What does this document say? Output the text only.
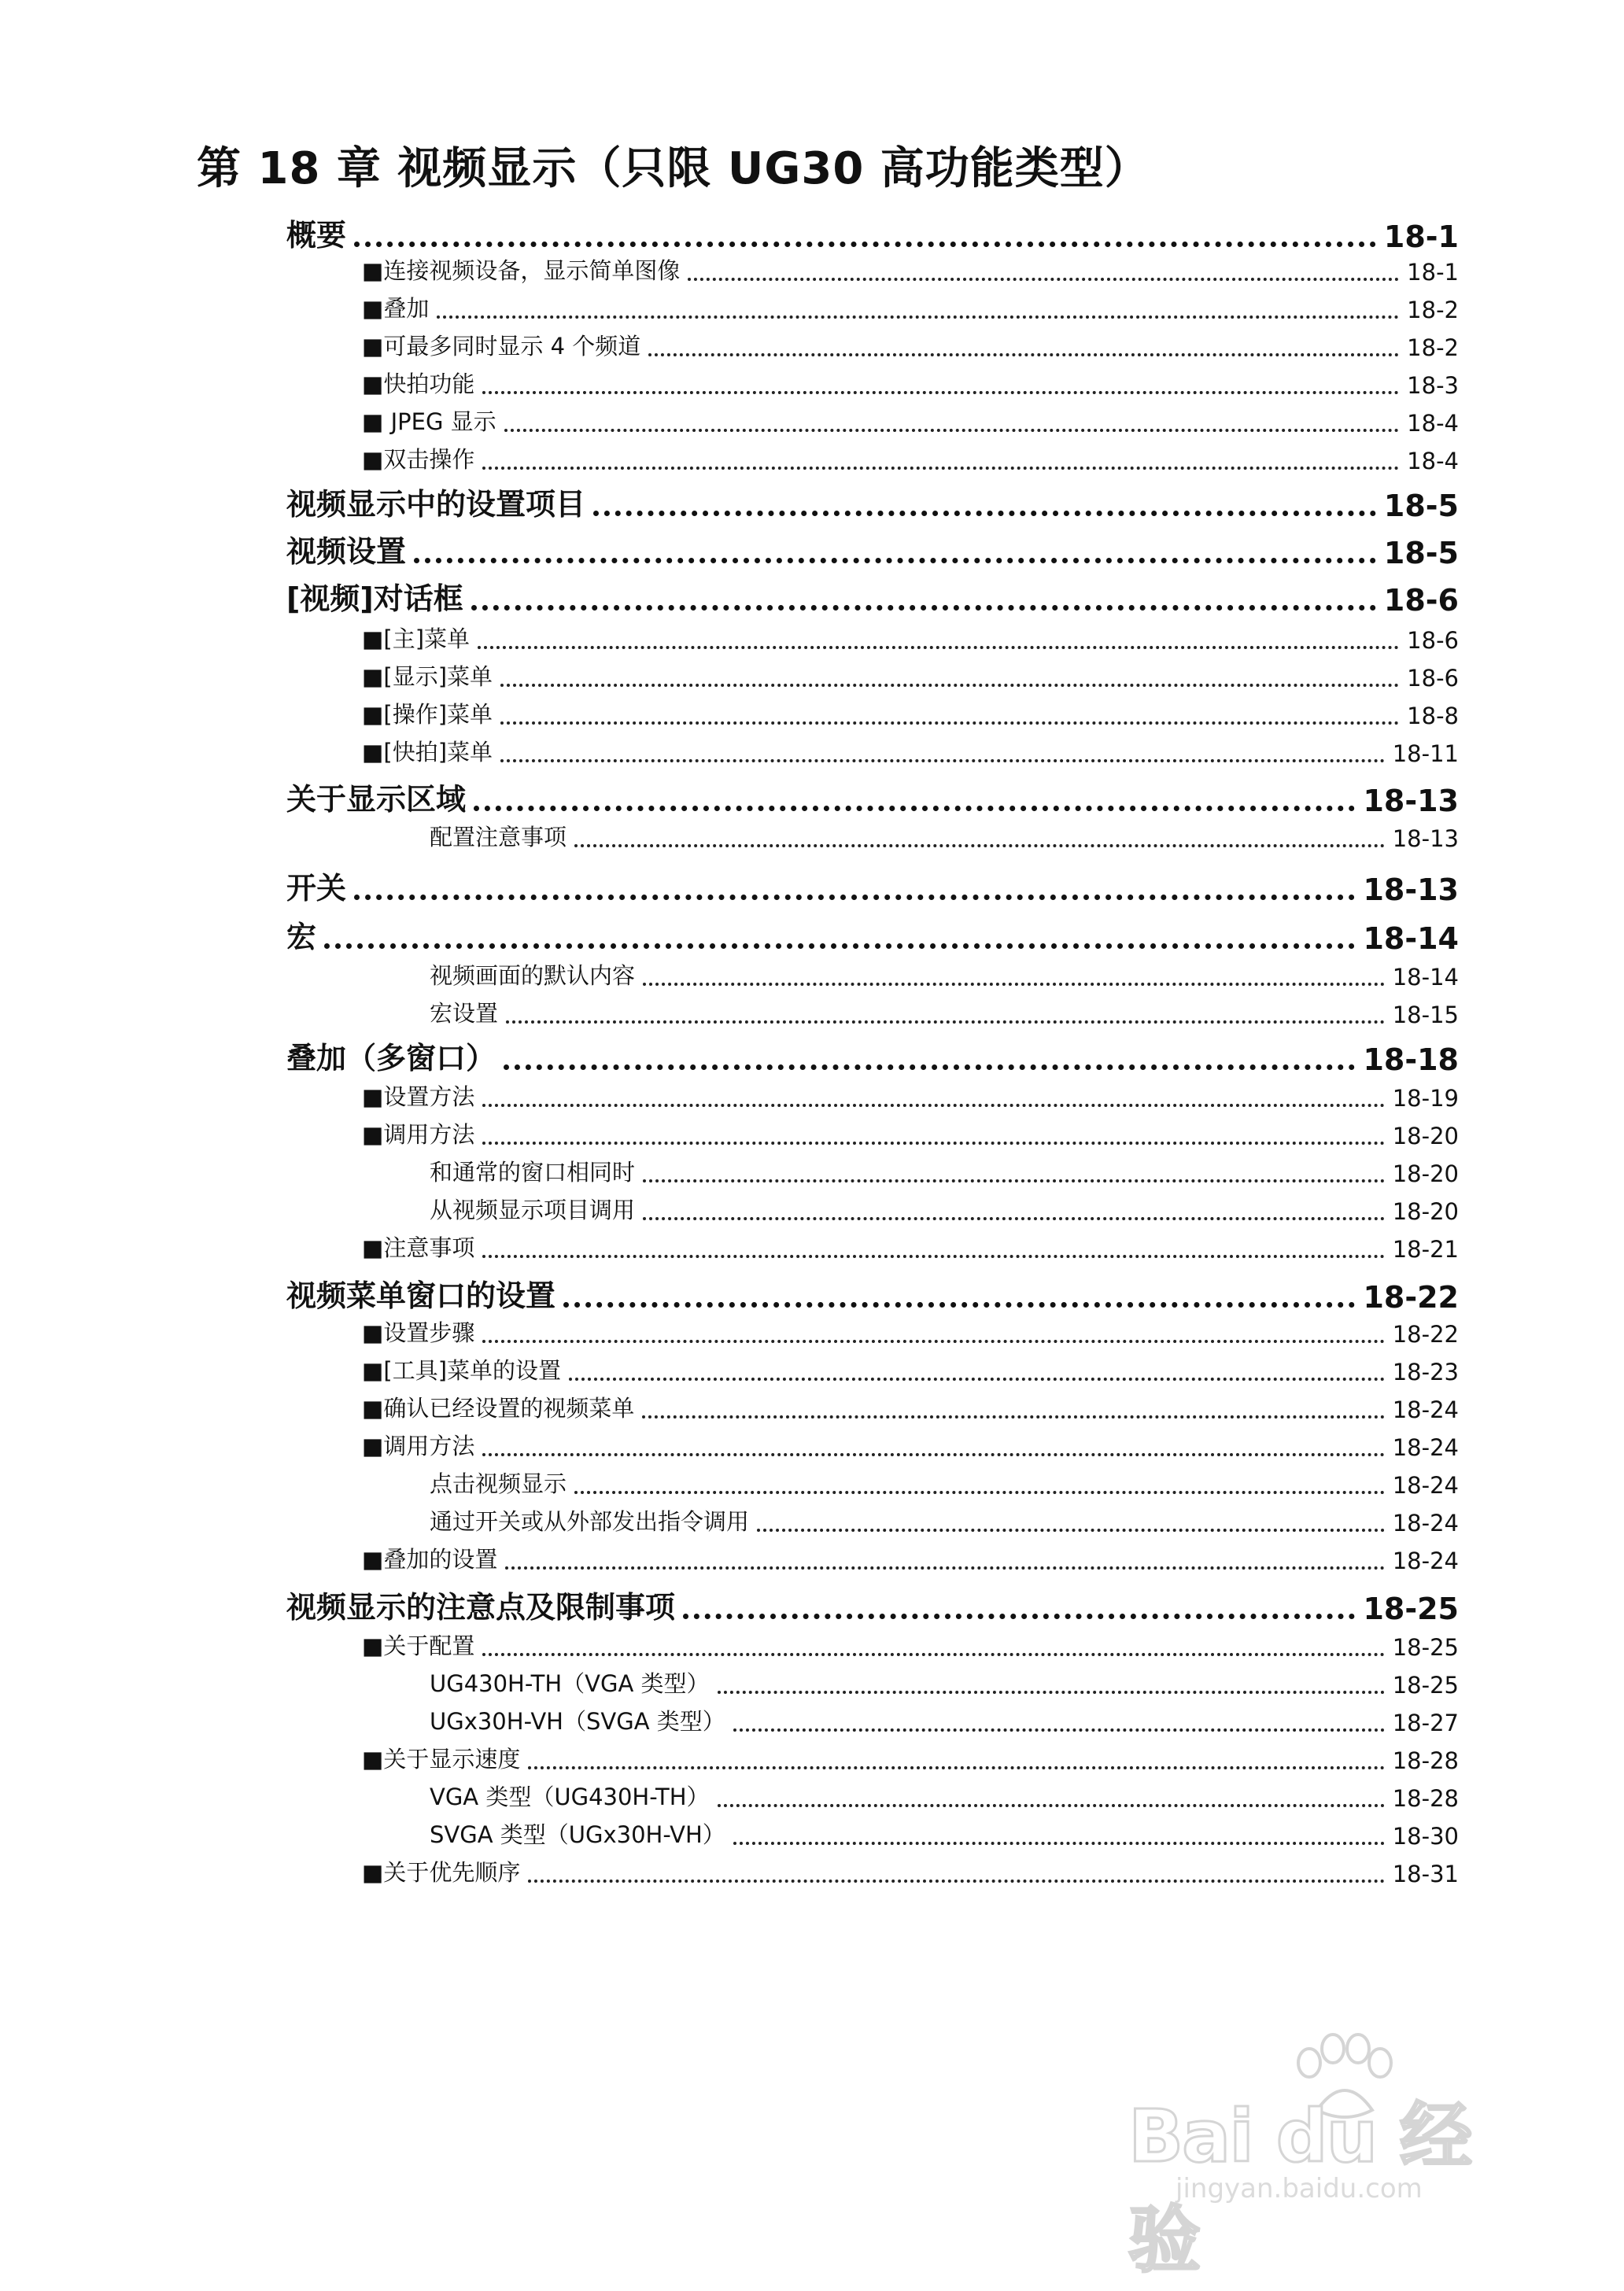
第 18 章 视频显示（只限 UG30 高功能类型）
概要	18-1
■连接视频设备，显示简单图像	18-1
■叠加	18-2
■可最多同时显示 4 个频道	18-2
■快拍功能	18-3
■ JPEG 显示	18-4
■双击操作	18-4
视频显示中的设置项目	18-5
视频设置	18-5
[视频]对话框	18-6
■[主]菜单	18-6
■[显示]菜单	18-6
■[操作]菜单	18-8
■[快拍]菜单	18-11
关于显示区域	18-13
配置注意事项	18-13
开关	18-13
宏	18-14
视频画面的默认内容	18-14
宏设置	18-15
叠加（多窗口）	18-18
■设置方法	18-19
■调用方法	18-20
和通常的窗口相同时	18-20
从视频显示项目调用	18-20
■注意事项	18-21
视频菜单窗口的设置	18-22
■设置步骤	18-22
■[工具]菜单的设置	18-23
■确认已经设置的视频菜单	18-24
■调用方法	18-24
点击视频显示	18-24
通过开关或从外部发出指令调用	18-24
■叠加的设置	18-24
视频显示的注意点及限制事项	18-25
■关于配置	18-25
UG430H-TH（VGA 类型）	18-25
UGx30H-VH（SVGA 类型）	18-27
■关于显示速度	18-28
VGA 类型（UG430H-TH）	18-28
SVGA 类型（UGx30H-VH）	18-30
■关于优先顺序	18-31
Bai du 经验
jingyan.baidu.com
